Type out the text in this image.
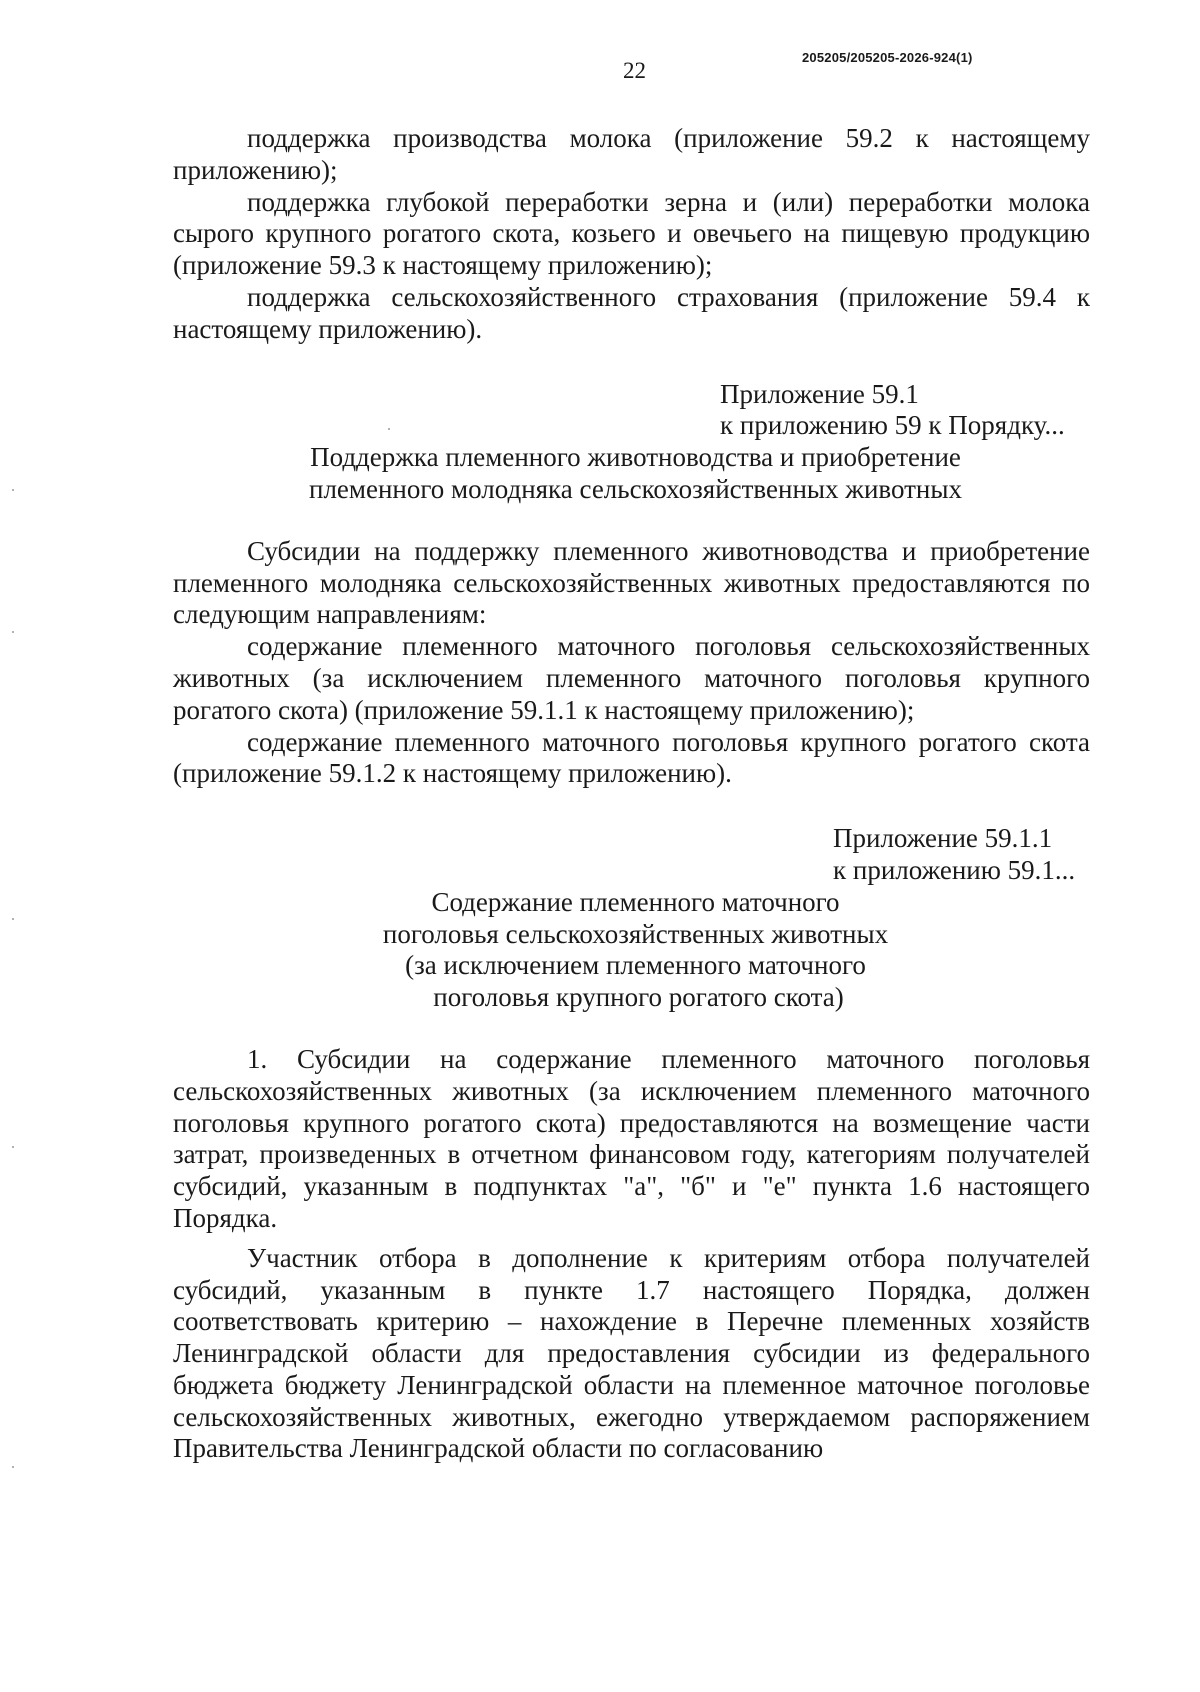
22
205205/205205-2026-924(1)

поддержка производства молока (приложение 59.2 к настоящему приложению);

поддержка глубокой переработки зерна и (или) переработки молока сырого крупного рогатого скота, козьего и овечьего на пищевую продукцию (приложение 59.3 к настоящему приложению);

поддержка сельскохозяйственного страхования (приложение 59.4 к настоящему приложению).

Приложение 59.1

к приложению 59 к Порядку...

Поддержка племенного животноводства и приобретение
племенного молодняка сельскохозяйственных животных

Субсидии на поддержку племенного животноводства и приобретение племенного молодняка сельскохозяйственных животных предоставляются по следующим направлениям:

содержание племенного маточного поголовья сельскохозяйственных животных (за исключением племенного маточного поголовья крупного рогатого скота) (приложение 59.1.1 к настоящему приложению);

содержание племенного маточного поголовья крупного рогатого скота (приложение 59.1.2 к настоящему приложению).

Приложение 59.1.1

к приложению 59.1...

Содержание племенного маточного
поголовья сельскохозяйственных животных
(за исключением племенного маточного
поголовья крупного рогатого скота)

1. Субсидии на содержание племенного маточного поголовья сельскохозяйственных животных (за исключением племенного маточного поголовья крупного рогатого скота) предоставляются на возмещение части затрат, произведенных в отчетном финансовом году, категориям получателей субсидий, указанным в подпунктах "а", "б" и "е" пункта 1.6 настоящего Порядка.

Участник отбора в дополнение к критериям отбора получателей субсидий, указанным в пункте 1.7 настоящего Порядка, должен соответствовать критерию – нахождение в Перечне племенных хозяйств Ленинградской области для предоставления субсидии из федерального бюджета бюджету Ленинградской области на племенное маточное поголовье сельскохозяйственных животных, ежегодно утверждаемом распоряжением Правительства Ленинградской области по согласованию
